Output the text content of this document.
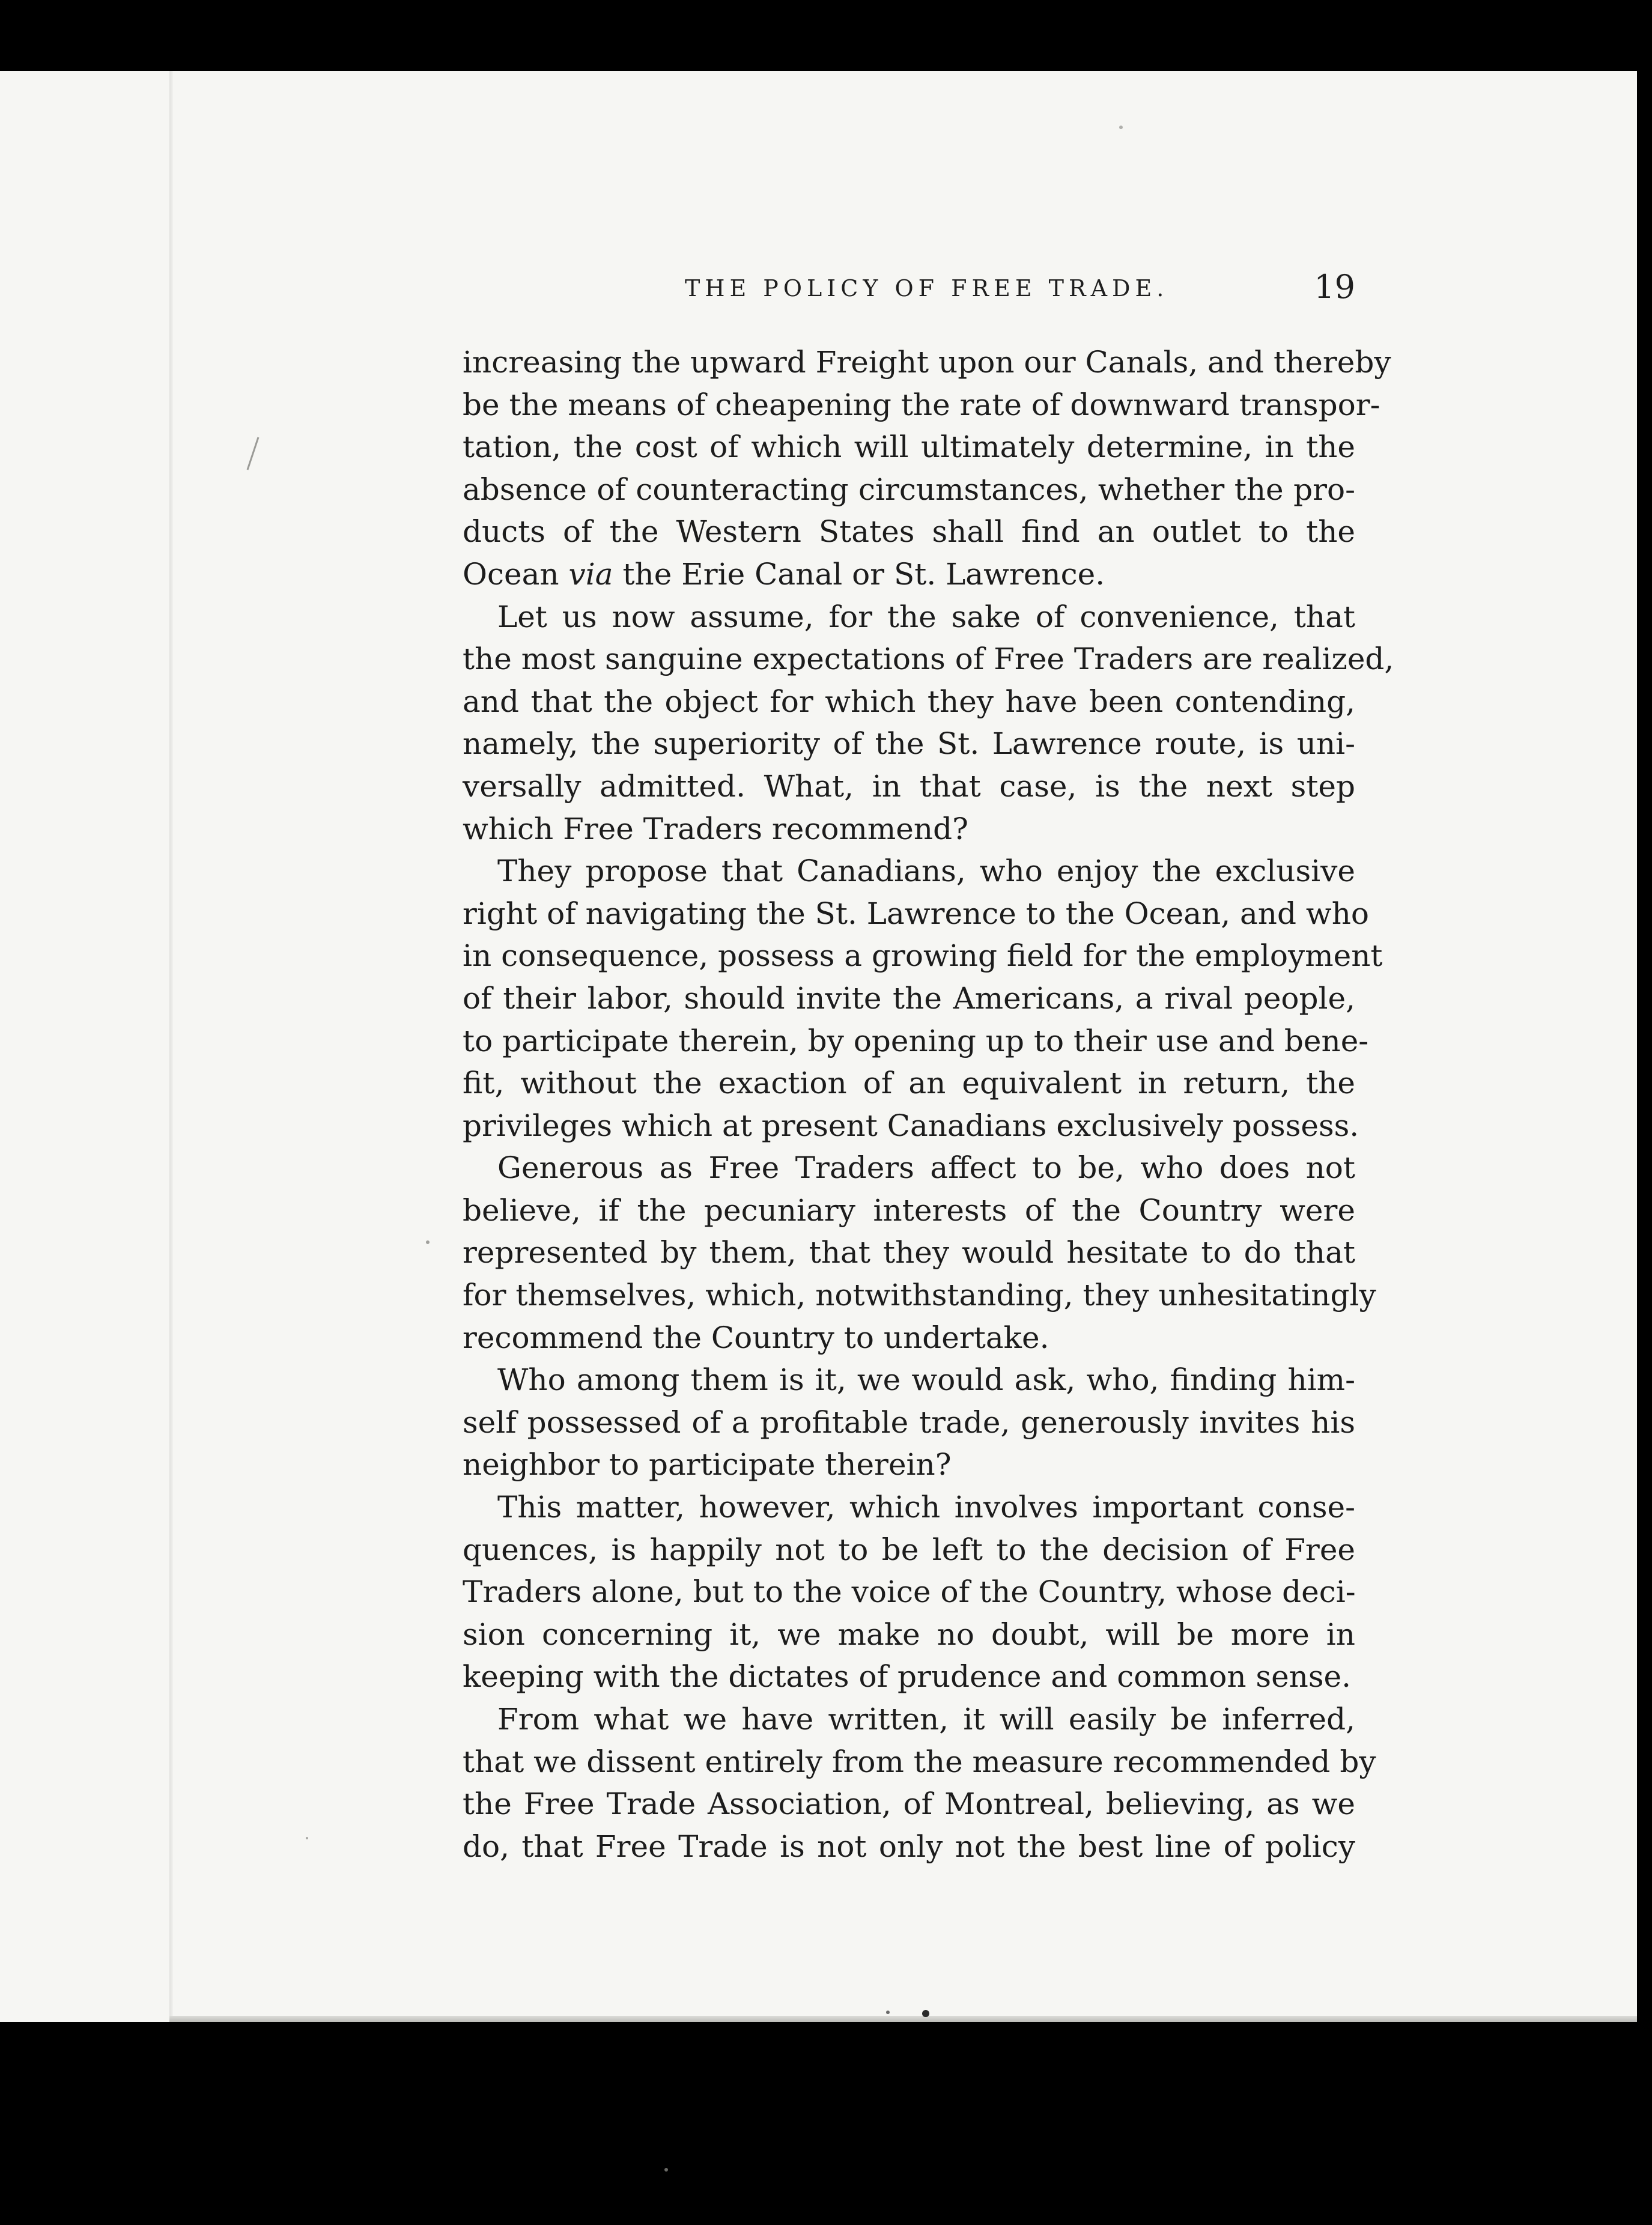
THE POLICY OF FREE TRADE.	19
increasing the upward Freight upon our Canals, and thereby
be the means of cheapening the rate of downward transpor-
tation, the cost of which will ultimately determine, in the
absence of counteracting circumstances, whether the pro-
ducts of the Western States shall find an outlet to the
Ocean via the Erie Canal or St. Lawrence.
Let us now assume, for the sake of convenience, that
the most sanguine expectations of Free Traders are realized,
and that the object for which they have been contending,
namely, the superiority of the St. Lawrence route, is uni-
versally admitted. What, in that case, is the next step
which Free Traders recommend?
They propose that Canadians, who enjoy the exclusive
right of navigating the St. Lawrence to the Ocean, and who
in consequence, possess a growing field for the employment
of their labor, should invite the Americans, a rival people,
to participate therein, by opening up to their use and bene-
fit, without the exaction of an equivalent in return, the
privileges which at present Canadians exclusively possess.
Generous as Free Traders affect to be, who does not
believe, if the pecuniary interests of the Country were
represented by them, that they would hesitate to do that
for themselves, which, notwithstanding, they unhesitatingly
recommend the Country to undertake.
Who among them is it, we would ask, who, finding him-
self possessed of a profitable trade, generously invites his
neighbor to participate therein?
This matter, however, which involves important conse-
quences, is happily not to be left to the decision of Free
Traders alone, but to the voice of the Country, whose deci-
sion concerning it, we make no doubt, will be more in
keeping with the dictates of prudence and common sense.
From what we have written, it will easily be inferred,
that we dissent entirely from the measure recommended by
the Free Trade Association, of Montreal, believing, as we
do, that Free Trade is not only not the best line of policy
